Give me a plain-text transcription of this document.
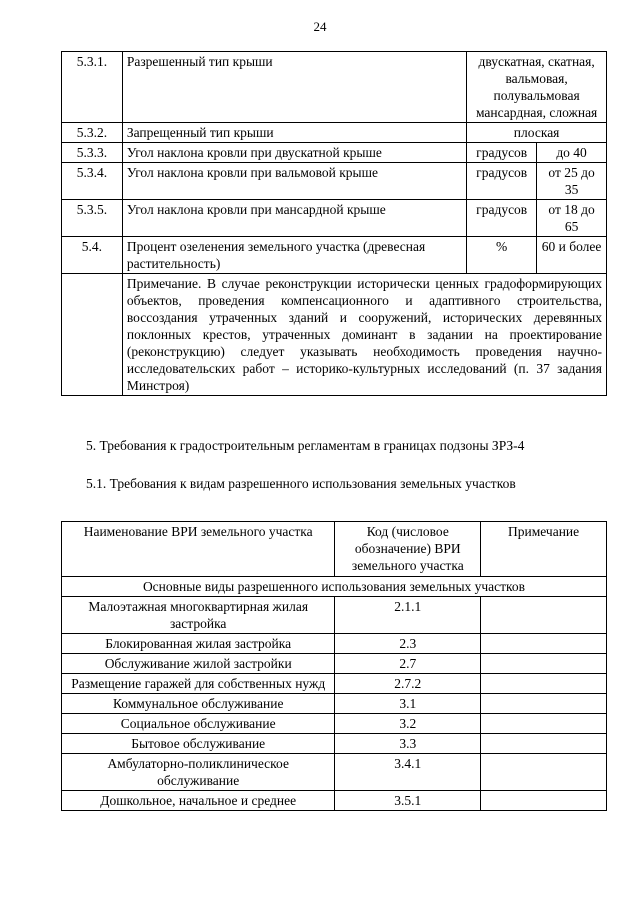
24
5.3.1.	Разрешенный тип крыши	двускатная, скатная, вальмовая, полувальмовая мансардная, сложная	
5.3.2.	Запрещенный тип крыши	плоская	
5.3.3.	Угол наклона кровли при двускатной крыше	градусов	до 40
5.3.4.	Угол наклона кровли при вальмовой крыше	градусов	от 25 до 35
5.3.5.	Угол наклона кровли при мансардной крыше	градусов	от 18 до 65
5.4.	Процент озеленения земельного участка (древесная растительность)	%	60 и более
	Примечание. В случае реконструкции исторически ценных градоформирующих объектов, проведения компенсационного и адаптивного строительства, воссоздания утраченных зданий и сооружений, исторических деревянных поклонных крестов, утраченных доминант в задании на проектирование (реконструкцию) следует указывать необходимость проведения научно-исследовательских работ – историко-культурных исследований (п. 37 задания Минстроя)		
5. Требования к градостроительным регламентам в границах подзоны ЗРЗ-4
5.1. Требования к видам разрешенного использования земельных участков
Наименование ВРИ земельного участка	Код (числовое обозначение) ВРИ земельного участка	Примечание
Основные виды разрешенного использования земельных участков		
Малоэтажная многоквартирная жилая застройка	2.1.1	
Блокированная жилая застройка	2.3	
Обслуживание жилой застройки	2.7	
Размещение гаражей для собственных нужд	2.7.2	
Коммунальное обслуживание	3.1	
Социальное обслуживание	3.2	
Бытовое обслуживание	3.3	
Амбулаторно-поликлиническое обслуживание	3.4.1	
Дошкольное, начальное и среднее	3.5.1	
